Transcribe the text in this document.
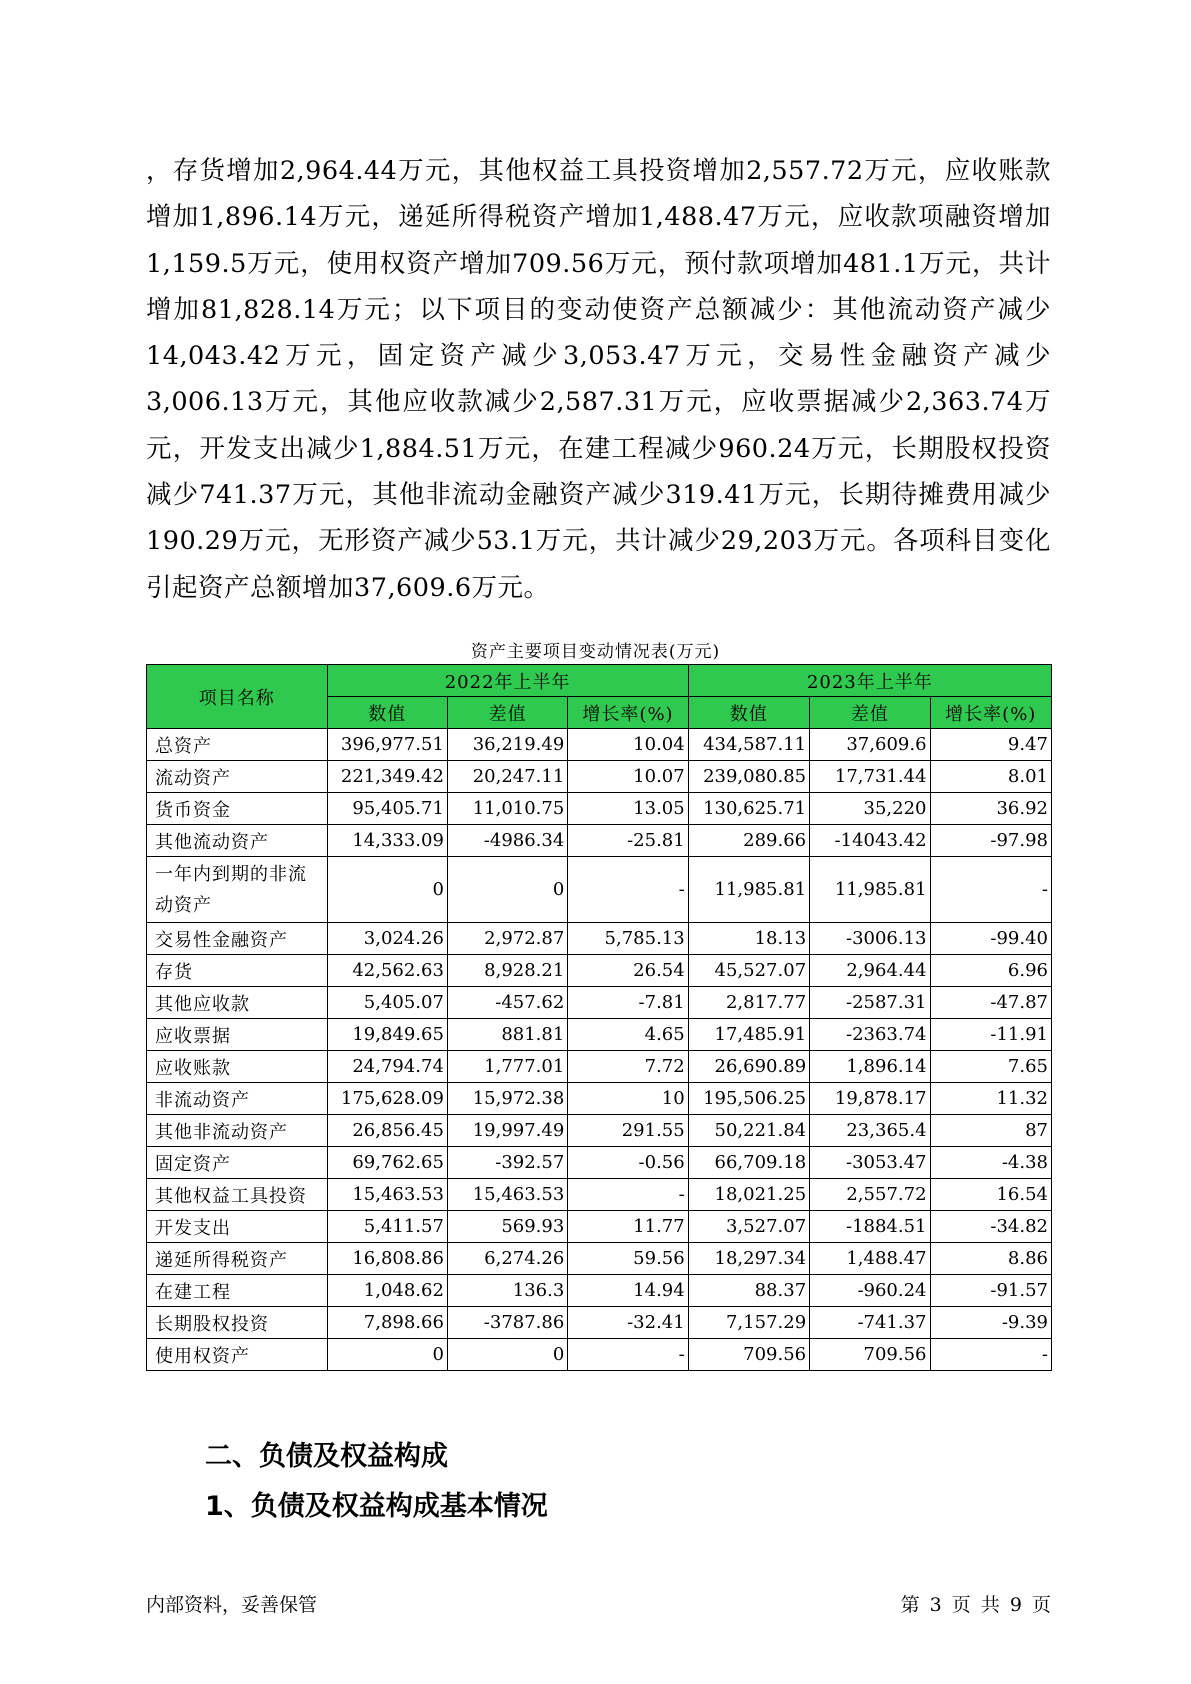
，存货增加2,964.44万元，其他权益工具投资增加2,557.72万元，应收账款增加1,896.14万元，递延所得税资产增加1,488.47万元，应收款项融资增加1,159.5万元，使用权资产增加709.56万元，预付款项增加481.1万元，共计增加81,828.14万元；以下项目的变动使资产总额减少：其他流动资产减少14,043.42万元，固定资产减少3,053.47万元，交易性金融资产减少3,006.13万元，其他应收款减少2,587.31万元，应收票据减少2,363.74万元，开发支出减少1,884.51万元，在建工程减少960.24万元，长期股权投资减少741.37万元，其他非流动金融资产减少319.41万元，长期待摊费用减少190.29万元，无形资产减少53.1万元，共计减少29,203万元。各项科目变化引起资产总额增加37,609.6万元。
资产主要项目变动情况表(万元)
项目名称	2022年上半年			2023年上半年		
	数值	差值	增长率(%)	数值	差值	增长率(%)
总资产	396,977.51	36,219.49	10.04	434,587.11	37,609.6	9.47
流动资产	221,349.42	20,247.11	10.07	239,080.85	17,731.44	8.01
货币资金	95,405.71	11,010.75	13.05	130,625.71	35,220	36.92
其他流动资产	14,333.09	-4986.34	-25.81	289.66	-14043.42	-97.98
一年内到期的非流动资产	0	0	-	11,985.81	11,985.81	-
交易性金融资产	3,024.26	2,972.87	5,785.13	18.13	-3006.13	-99.40
存货	42,562.63	8,928.21	26.54	45,527.07	2,964.44	6.96
其他应收款	5,405.07	-457.62	-7.81	2,817.77	-2587.31	-47.87
应收票据	19,849.65	881.81	4.65	17,485.91	-2363.74	-11.91
应收账款	24,794.74	1,777.01	7.72	26,690.89	1,896.14	7.65
非流动资产	175,628.09	15,972.38	10	195,506.25	19,878.17	11.32
其他非流动资产	26,856.45	19,997.49	291.55	50,221.84	23,365.4	87
固定资产	69,762.65	-392.57	-0.56	66,709.18	-3053.47	-4.38
其他权益工具投资	15,463.53	15,463.53	-	18,021.25	2,557.72	16.54
开发支出	5,411.57	569.93	11.77	3,527.07	-1884.51	-34.82
递延所得税资产	16,808.86	6,274.26	59.56	18,297.34	1,488.47	8.86
在建工程	1,048.62	136.3	14.94	88.37	-960.24	-91.57
长期股权投资	7,898.66	-3787.86	-32.41	7,157.29	-741.37	-9.39
使用权资产	0	0	-	709.56	709.56	-
二、负债及权益构成
1、负债及权益构成基本情况
内部资料，妥善保管	第 3 页 共 9 页
